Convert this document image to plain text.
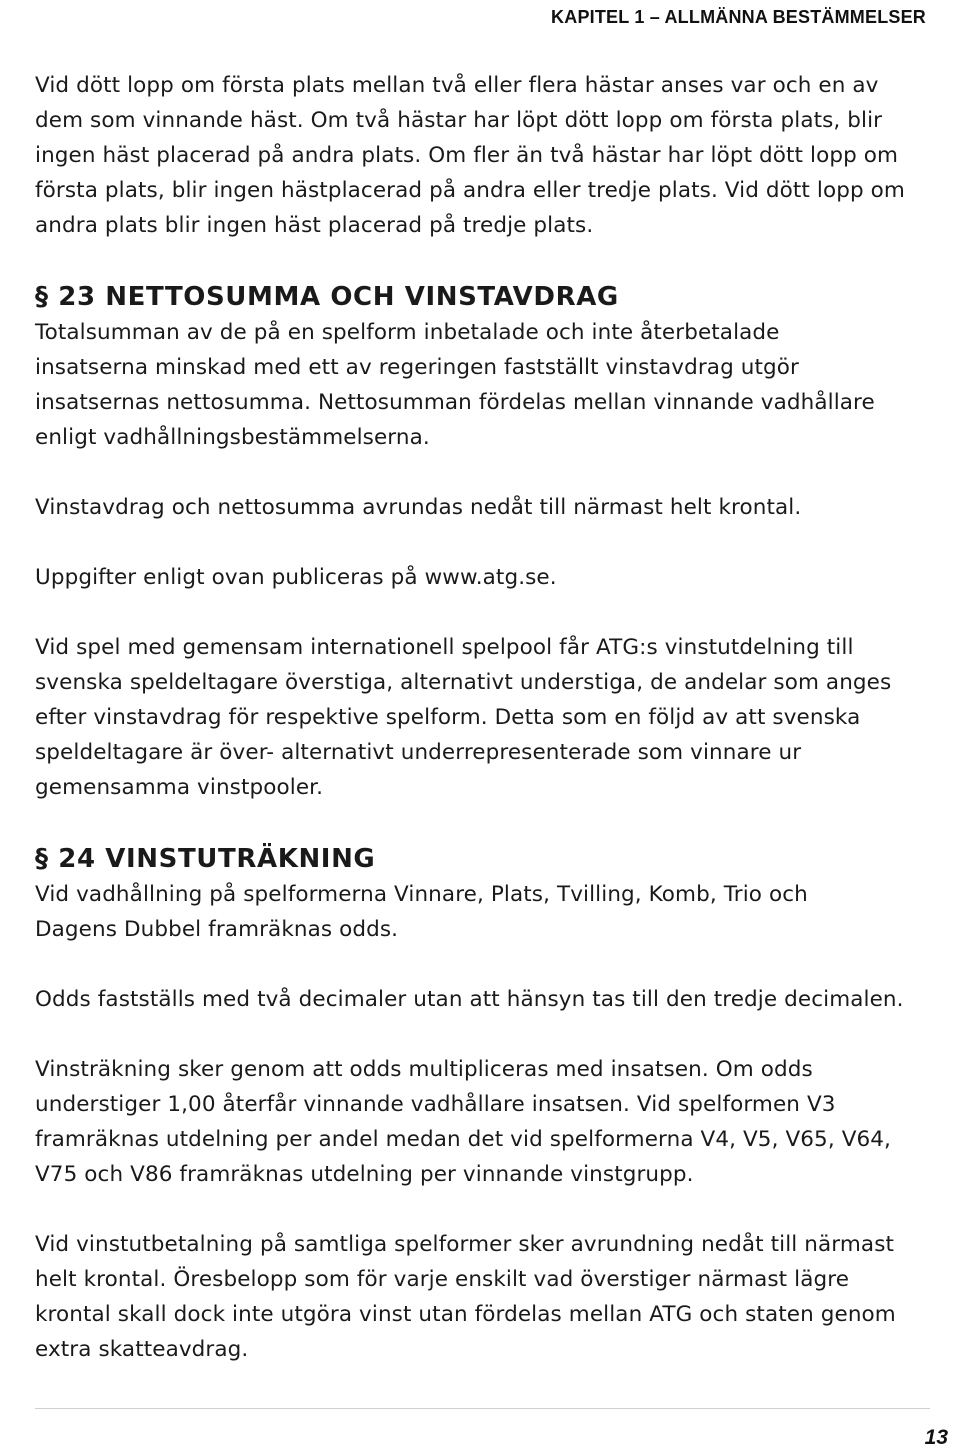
KAPITEL 1 – ALLMÄNNA BESTÄMMELSER

Vid dött lopp om första plats mellan två eller flera hästar anses var och en av dem som vinnande häst. Om två hästar har löpt dött lopp om första plats, blir ingen häst placerad på andra plats. Om fler än två hästar har löpt dött lopp om första plats, blir ingen hästplacerad på andra eller tredje plats. Vid dött lopp om andra plats blir ingen häst placerad på tredje plats.

§ 23 NETTOSUMMA OCH VINSTAVDRAG

Totalsumman av de på en spelform inbetalade och inte återbetalade insatserna minskad med ett av regeringen fastställt vinstavdrag utgör insatsernas nettosumma. Nettosumman fördelas mellan vinnande vadhållare enligt vadhållningsbestämmelserna.

Vinstavdrag och nettosumma avrundas nedåt till närmast helt krontal.

Uppgifter enligt ovan publiceras på www.atg.se.

Vid spel med gemensam internationell spelpool får ATG:s vinstutdelning till svenska speldeltagare överstiga, alternativt understiga, de andelar som anges efter vinstavdrag för respektive spelform. Detta som en följd av att svenska speldeltagare är över- alternativt underrepresenterade som vinnare ur gemensamma vinstpooler.

§ 24 VINSTUTRÄKNING

Vid vadhållning på spelformerna Vinnare, Plats, Tvilling, Komb, Trio och Dagens Dubbel framräknas odds.

Odds fastställs med två decimaler utan att hänsyn tas till den tredje decimalen.

Vinsträkning sker genom att odds multipliceras med insatsen. Om odds understiger 1,00 återfår vinnande vadhållare insatsen. Vid spelformen V3 framräknas utdelning per andel medan det vid spelformerna V4, V5, V65, V64, V75 och V86 framräknas utdelning per vinnande vinstgrupp.

Vid vinstutbetalning på samtliga spelformer sker avrundning nedåt till närmast helt krontal. Öresbelopp som för varje enskilt vad överstiger närmast lägre krontal skall dock inte utgöra vinst utan fördelas mellan ATG och staten genom extra skatteavdrag.

13
